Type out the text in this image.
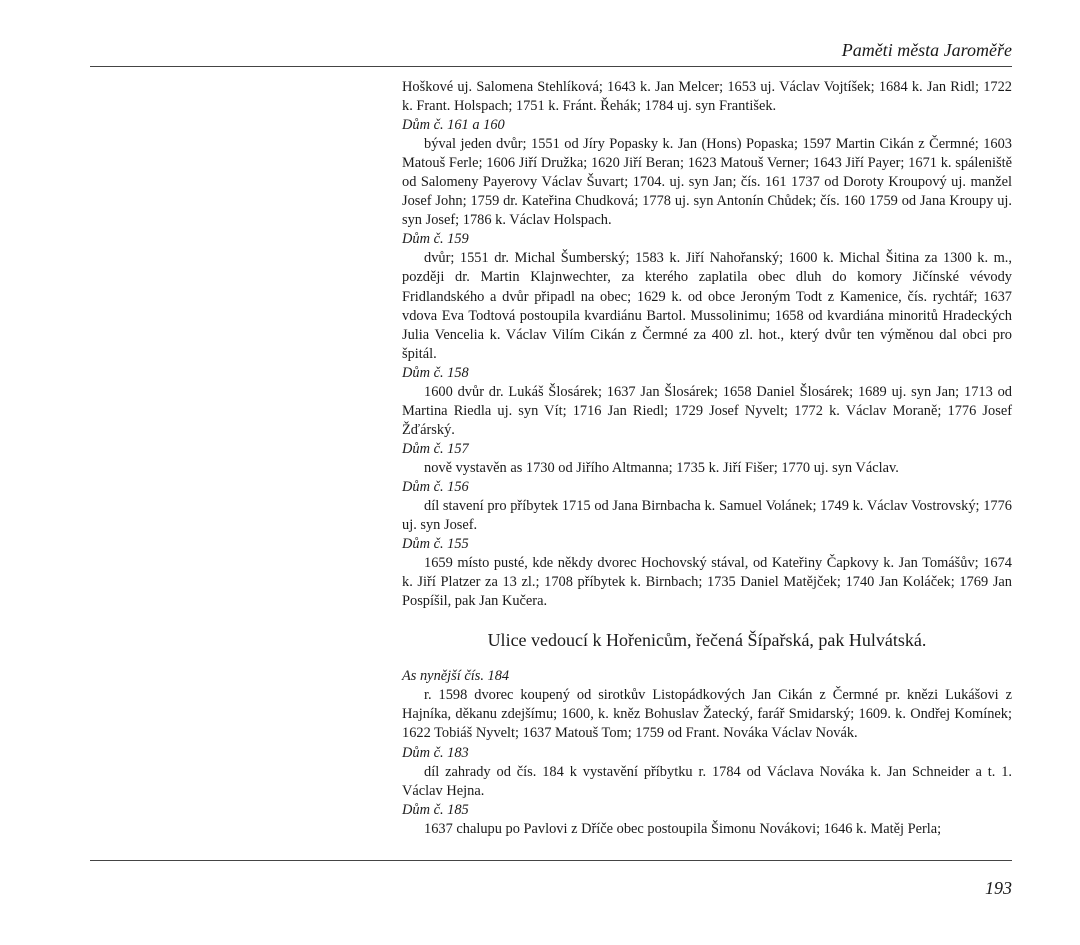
Paměti města Jaroměře

Hoškové uj. Salomena Stehlíková; 1643 k. Jan Melcer; 1653 uj. Václav Vojtíšek; 1684 k. Jan Ridl; 1722 k. Frant. Holspach; 1751 k. Fránt. Řehák; 1784 uj. syn František.

Dům č. 161 a 160

býval jeden dvůr; 1551 od Jíry Popasky k. Jan (Hons) Popaska; 1597 Martin Cikán z Čermné; 1603 Matouš Ferle; 1606 Jiří Družka; 1620 Jiří Beran; 1623 Matouš Verner; 1643 Jiří Payer; 1671 k. spáleniště od Salomeny Payerovy Václav Šuvart; 1704. uj. syn Jan; čís. 161 1737 od Doroty Kroupový uj. manžel Josef John; 1759 dr. Kateřina Chudková; 1778 uj. syn Antonín Chůdek; čís. 160 1759 od Jana Kroupy uj. syn Josef; 1786 k. Václav Holspach.

Dům č. 159

dvůr; 1551 dr. Michal Šumberský; 1583 k. Jiří Nahořanský; 1600 k. Michal Šitina za 1300 k. m., později dr. Martin Klajnwechter, za kterého zaplatila obec dluh do komory Jičínské vévody Fridlandského a dvůr připadl na obec; 1629 k. od obce Jeroným Todt z Kamenice, čís. rychtář; 1637 vdova Eva Todtová postoupila kvardiánu Bartol. Mussolinimu; 1658 od kvardiána minoritů Hradeckých Julia Vencelia k. Václav Vilím Cikán z Čermné za 400 zl. hot., který dvůr ten výměnou dal obci pro špitál.

Dům č. 158

1600 dvůr dr. Lukáš Šlosárek; 1637 Jan Šlosárek; 1658 Daniel Šlosárek; 1689 uj. syn Jan; 1713 od Martina Riedla uj. syn Vít; 1716 Jan Riedl; 1729 Josef Nyvelt; 1772 k. Václav Moraně; 1776 Josef Žďárský.

Dům č. 157

nově vystavěn as 1730 od Jiřího Altmanna; 1735 k. Jiří Fišer; 1770 uj. syn Václav.

Dům č. 156

díl stavení pro příbytek 1715 od Jana Birnbacha k. Samuel Volánek; 1749 k. Václav Vostrovský; 1776 uj. syn Josef.

Dům č. 155

1659 místo pusté, kde někdy dvorec Hochovský stával, od Kateřiny Čapkovy k. Jan Tomášův; 1674 k. Jiří Platzer za 13 zl.; 1708 příbytek k. Birnbach; 1735 Daniel Matějček; 1740 Jan Koláček; 1769 Jan Pospíšil, pak Jan Kučera.

Ulice vedoucí k Hořenicům, řečená Šípařská, pak Hulvátská.

As nynější čís. 184

r. 1598 dvorec koupený od sirotkův Listopádkových Jan Cikán z Čermné pr. knězi Lukášovi z Hajníka, děkanu zdejšímu; 1600, k. kněz Bohuslav Žatecký, farář Smidarský; 1609. k. Ondřej Komínek; 1622 Tobiáš Nyvelt; 1637 Matouš Tom; 1759 od Frant. Nováka Václav Novák.

Dům č. 183

díl zahrady od čís. 184 k vystavění příbytku r. 1784 od Václava Nováka k. Jan Schneider a t. 1. Václav Hejna.

Dům č. 185

1637 chalupu po Pavlovi z Dříče obec postoupila Šimonu Novákovi; 1646 k. Matěj Perla;

193
